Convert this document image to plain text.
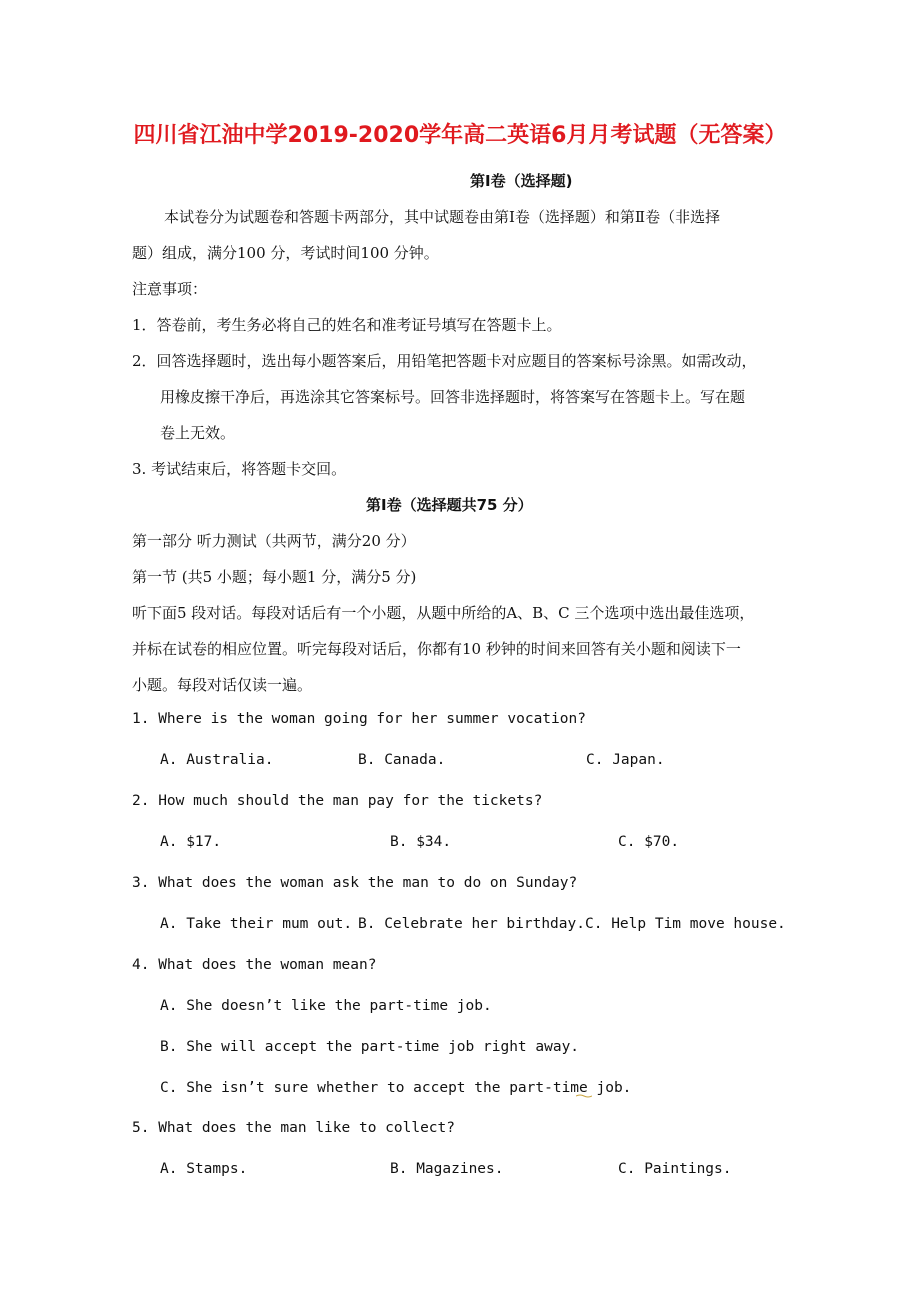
四川省江油中学2019-2020学年高二英语6月月考试题（无答案）
第Ⅰ卷（选择题)
本试卷分为试题卷和答题卡两部分，其中试题卷由第Ⅰ卷（选择题）和第Ⅱ卷（非选择
题）组成，满分100 分，考试时间100 分钟。
注意事项：
1．答卷前，考生务必将自己的姓名和准考证号填写在答题卡上。
2．回答选择题时，选出每小题答案后，用铅笔把答题卡对应题目的答案标号涂黑。如需改动，
用橡皮擦干净后，再选涂其它答案标号。回答非选择题时，将答案写在答题卡上。写在题
卷上无效。
3. 考试结束后，将答题卡交回。
第Ⅰ卷（选择题共75 分）
第一部分 听力测试（共两节，满分20 分）
第一节 (共5 小题；每小题1 分，满分5 分)
听下面5 段对话。每段对话后有一个小题，从题中所给的A、B、C 三个选项中选出最佳选项，
并标在试卷的相应位置。听完每段对话后，你都有10 秒钟的时间来回答有关小题和阅读下一
小题。每段对话仅读一遍。
1. Where is the woman going for her summer vocation?
A. Australia.	B. Canada.	C. Japan.
2. How much should the man pay for the tickets?
A. $17.	B. $34.	C. $70.
3. What does the woman ask the man to do on Sunday?
A. Take their mum out. B. Celebrate her birthday. C. Help Tim move house.
4. What does the woman mean?
A. She doesn’t like the part-time job.
B. She will accept the part-time job right away.
C. She isn’t sure whether to accept the part-time job.
5. What does the man like to collect?
A. Stamps.	B. Magazines.	C. Paintings.
